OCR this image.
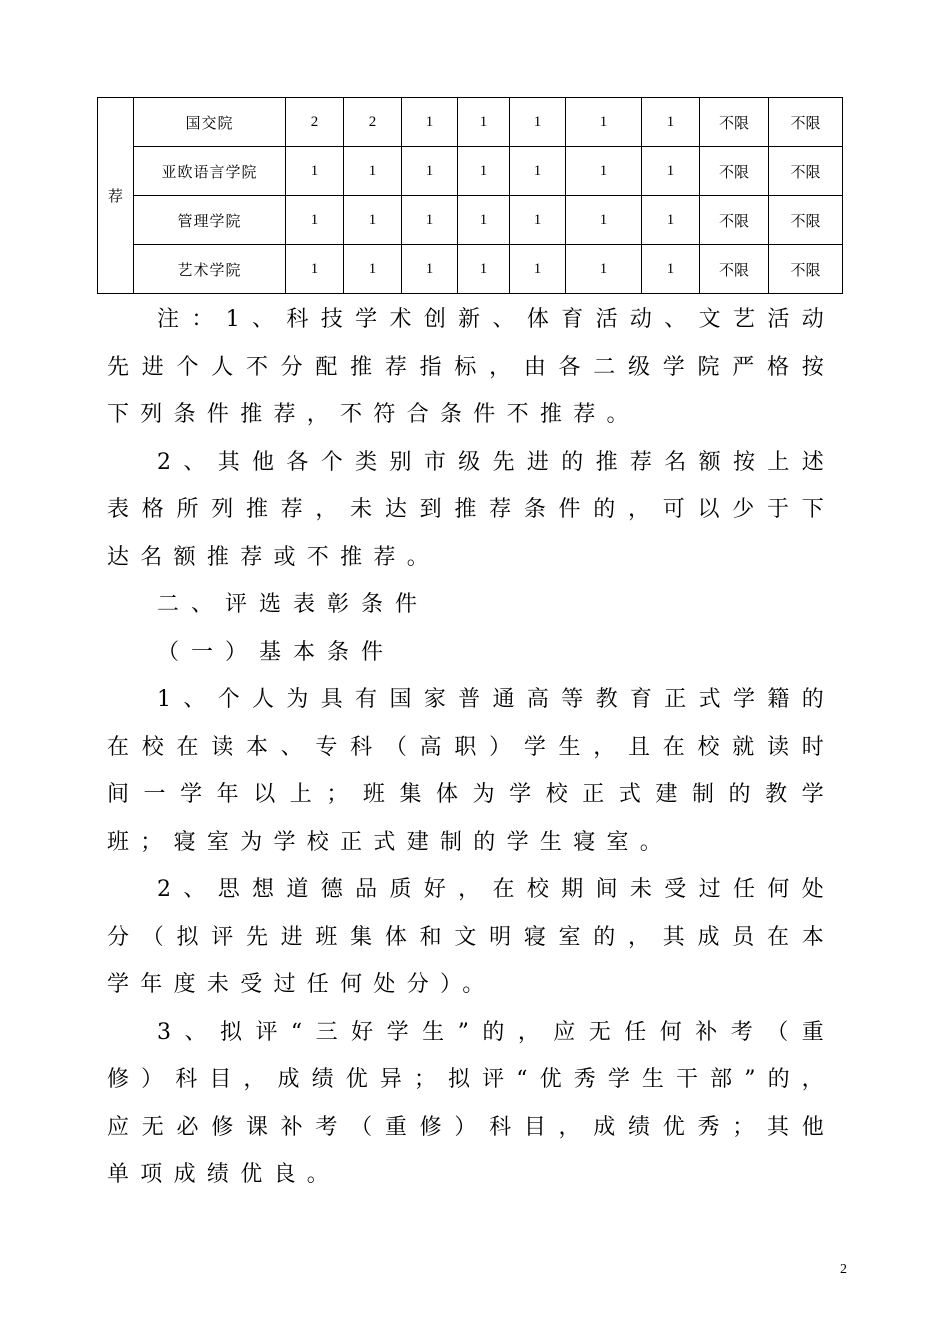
荐	国交院	2	2	1	1	1	1	1	不限	不限
	亚欧语言学院	1	1	1	1	1	1	1	不限	不限
	管理学院	1	1	1	1	1	1	1	不限	不限
	艺术学院	1	1	1	1	1	1	1	不限	不限

注：1、科技学术创新、体育活动、文艺活动先进个人不分配推荐指标，由各二级学院严格按下列条件推荐，不符合条件不推荐。

2、其他各个类别市级先进的推荐名额按上述表格所列推荐，未达到推荐条件的，可以少于下达名额推荐或不推荐。

二、评选表彰条件

（一）基本条件

1、个人为具有国家普通高等教育正式学籍的在校在读本、专科（高职）学生，且在校就读时间一学年以上；班集体为学校正式建制的教学班；寝室为学校正式建制的学生寝室。

2、思想道德品质好，在校期间未受过任何处分（拟评先进班集体和文明寝室的，其成员在本学年度未受过任何处分）。

3、拟评“三好学生”的，应无任何补考（重修）科目，成绩优异；拟评“优秀学生干部”的，应无必修课补考（重修）科目，成绩优秀；其他单项成绩优良。

2
